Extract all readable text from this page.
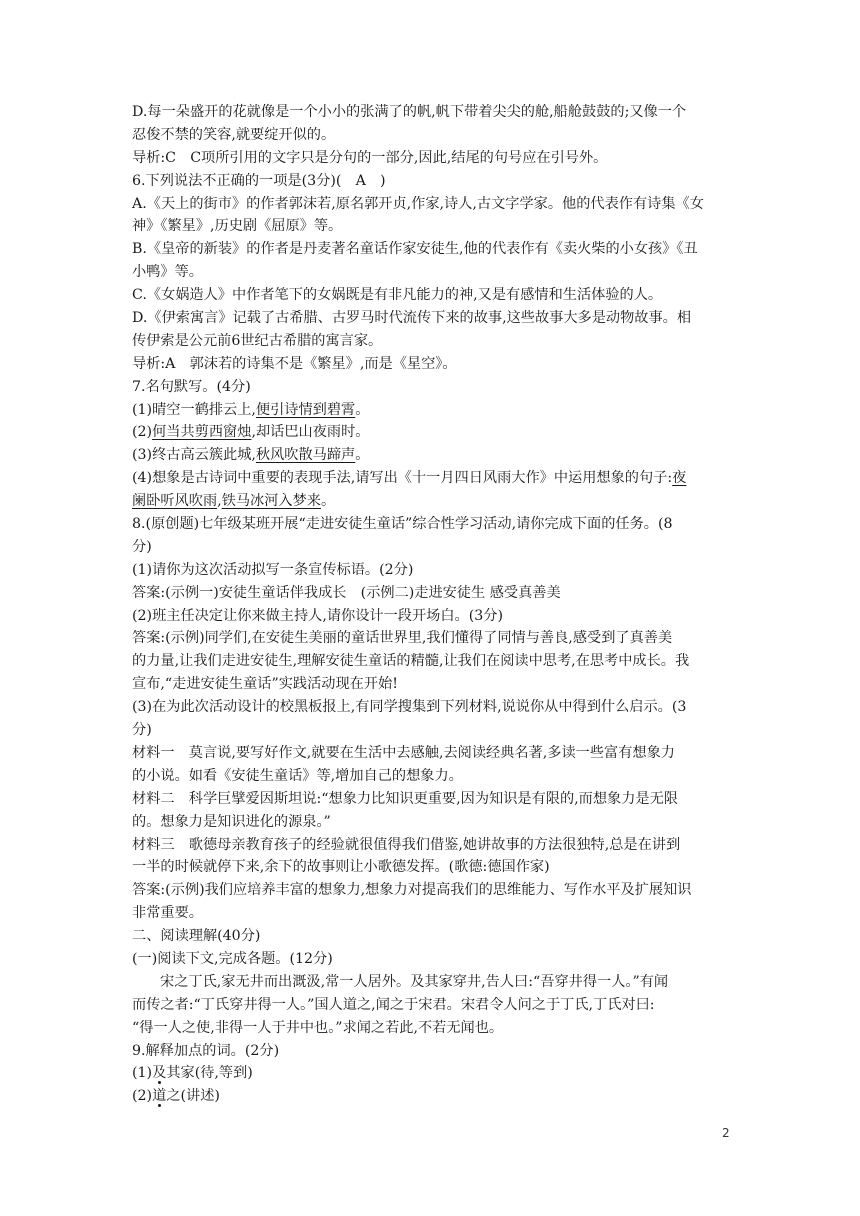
D.每一朵盛开的花就像是一个小小的张满了的帆,帆下带着尖尖的舱,船舱鼓鼓的;又像一个
忍俊不禁的笑容,就要绽开似的。
导析:C　C项所引用的文字只是分句的一部分,因此,结尾的句号应在引号外。
6.下列说法不正确的一项是(3分)(　A　)
A.《天上的街市》的作者郭沫若,原名郭开贞,作家,诗人,古文字学家。他的代表作有诗集《女
神》《繁星》,历史剧《屈原》等。
B.《皇帝的新装》的作者是丹麦著名童话作家安徒生,他的代表作有《卖火柴的小女孩》《丑
小鸭》等。
C.《女娲造人》中作者笔下的女娲既是有非凡能力的神,又是有感情和生活体验的人。
D.《伊索寓言》记载了古希腊、古罗马时代流传下来的故事,这些故事大多是动物故事。相
传伊索是公元前6世纪古希腊的寓言家。
导析:A　郭沫若的诗集不是《繁星》,而是《星空》。
7.名句默写。(4分)
(1)晴空一鹤排云上,便引诗情到碧霄。
(2)何当共剪西窗烛,却话巴山夜雨时。
(3)终古高云簇此城,秋风吹散马蹄声。
(4)想象是古诗词中重要的表现手法,请写出《十一月四日风雨大作》中运用想象的句子:夜
阑卧听风吹雨,铁马冰河入梦来。
8.(原创题)七年级某班开展“走进安徒生童话”综合性学习活动,请你完成下面的任务。(8
分)
(1)请你为这次活动拟写一条宣传标语。(2分)
答案:(示例一)安徒生童话伴我成长　(示例二)走进安徒生 感受真善美
(2)班主任决定让你来做主持人,请你设计一段开场白。(3分)
答案:(示例)同学们,在安徒生美丽的童话世界里,我们懂得了同情与善良,感受到了真善美
的力量,让我们走进安徒生,理解安徒生童话的精髓,让我们在阅读中思考,在思考中成长。我
宣布,“走进安徒生童话”实践活动现在开始!
(3)在为此次活动设计的校黑板报上,有同学搜集到下列材料,说说你从中得到什么启示。(3
分)
材料一　莫言说,要写好作文,就要在生活中去感触,去阅读经典名著,多读一些富有想象力
的小说。如看《安徒生童话》等,增加自己的想象力。
材料二　科学巨擘爱因斯坦说:“想象力比知识更重要,因为知识是有限的,而想象力是无限
的。想象力是知识进化的源泉。”
材料三　歌德母亲教育孩子的经验就很值得我们借鉴,她讲故事的方法很独特,总是在讲到
一半的时候就停下来,余下的故事则让小歌德发挥。(歌德:德国作家)
答案:(示例)我们应培养丰富的想象力,想象力对提高我们的思维能力、写作水平及扩展知识
非常重要。
二、阅读理解(40分)
(一)阅读下文,完成各题。(12分)
宋之丁氏,家无井而出溉汲,常一人居外。及其家穿井,告人曰:“吾穿井得一人。”有闻
而传之者:“丁氏穿井得一人。”国人道之,闻之于宋君。宋君令人问之于丁氏,丁氏对曰:
“得一人之使,非得一人于井中也。”求闻之若此,不若无闻也。
9.解释加点的词。(2分)
(1)及其家(待,等到)
(2)道之(讲述)
2
